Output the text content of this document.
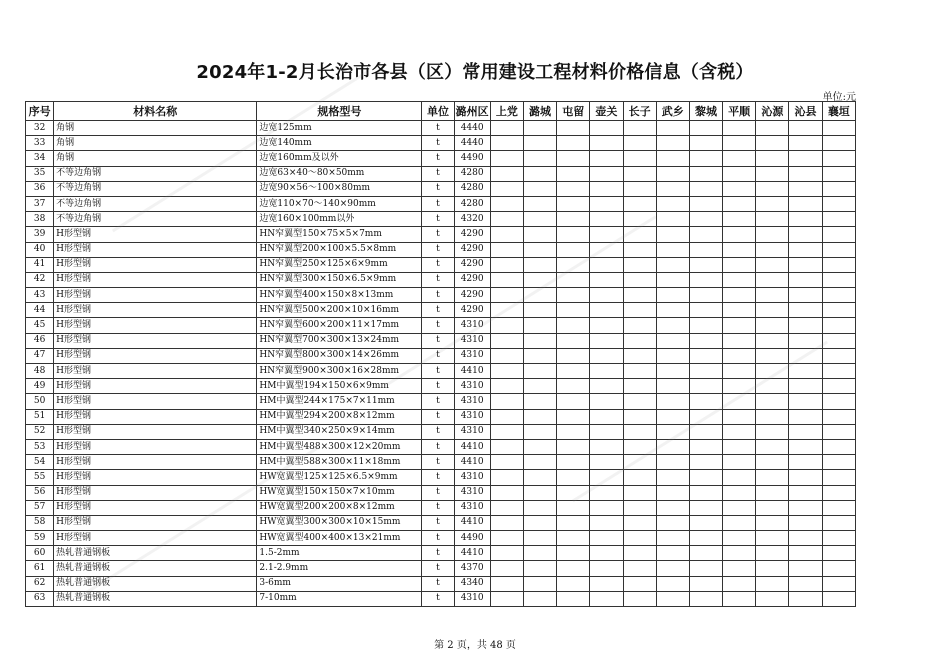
2024年1-2月长治市各县（区）常用建设工程材料价格信息（含税）
单位:元
序号	材料名称	规格型号	单位	潞州区	上党	潞城	屯留	壶关	长子	武乡	黎城	平顺	沁源	沁县	襄垣
32	角钢	边宽125mm	t	4440											
33	角钢	边宽140mm	t	4440											
34	角钢	边宽160mm及以外	t	4490											
35	不等边角钢	边宽63×40～80×50mm	t	4280											
36	不等边角钢	边宽90×56～100×80mm	t	4280											
37	不等边角钢	边宽110×70～140×90mm	t	4280											
38	不等边角钢	边宽160×100mm以外	t	4320											
39	H形型钢	HN窄翼型150×75×5×7mm	t	4290											
40	H形型钢	HN窄翼型200×100×5.5×8mm	t	4290											
41	H形型钢	HN窄翼型250×125×6×9mm	t	4290											
42	H形型钢	HN窄翼型300×150×6.5×9mm	t	4290											
43	H形型钢	HN窄翼型400×150×8×13mm	t	4290											
44	H形型钢	HN窄翼型500×200×10×16mm	t	4290											
45	H形型钢	HN窄翼型600×200×11×17mm	t	4310											
46	H形型钢	HN窄翼型700×300×13×24mm	t	4310											
47	H形型钢	HN窄翼型800×300×14×26mm	t	4310											
48	H形型钢	HN窄翼型900×300×16×28mm	t	4410											
49	H形型钢	HM中翼型194×150×6×9mm	t	4310											
50	H形型钢	HM中翼型244×175×7×11mm	t	4310											
51	H形型钢	HM中翼型294×200×8×12mm	t	4310											
52	H形型钢	HM中翼型340×250×9×14mm	t	4310											
53	H形型钢	HM中翼型488×300×12×20mm	t	4410											
54	H形型钢	HM中翼型588×300×11×18mm	t	4410											
55	H形型钢	HW宽翼型125×125×6.5×9mm	t	4310											
56	H形型钢	HW宽翼型150×150×7×10mm	t	4310											
57	H形型钢	HW宽翼型200×200×8×12mm	t	4310											
58	H形型钢	HW宽翼型300×300×10×15mm	t	4410											
59	H形型钢	HW宽翼型400×400×13×21mm	t	4490											
60	热轧普通钢板	1.5-2mm	t	4410											
61	热轧普通钢板	2.1-2.9mm	t	4370											
62	热轧普通钢板	3-6mm	t	4340											
63	热轧普通钢板	7-10mm	t	4310											
第 2 页，共 48 页
